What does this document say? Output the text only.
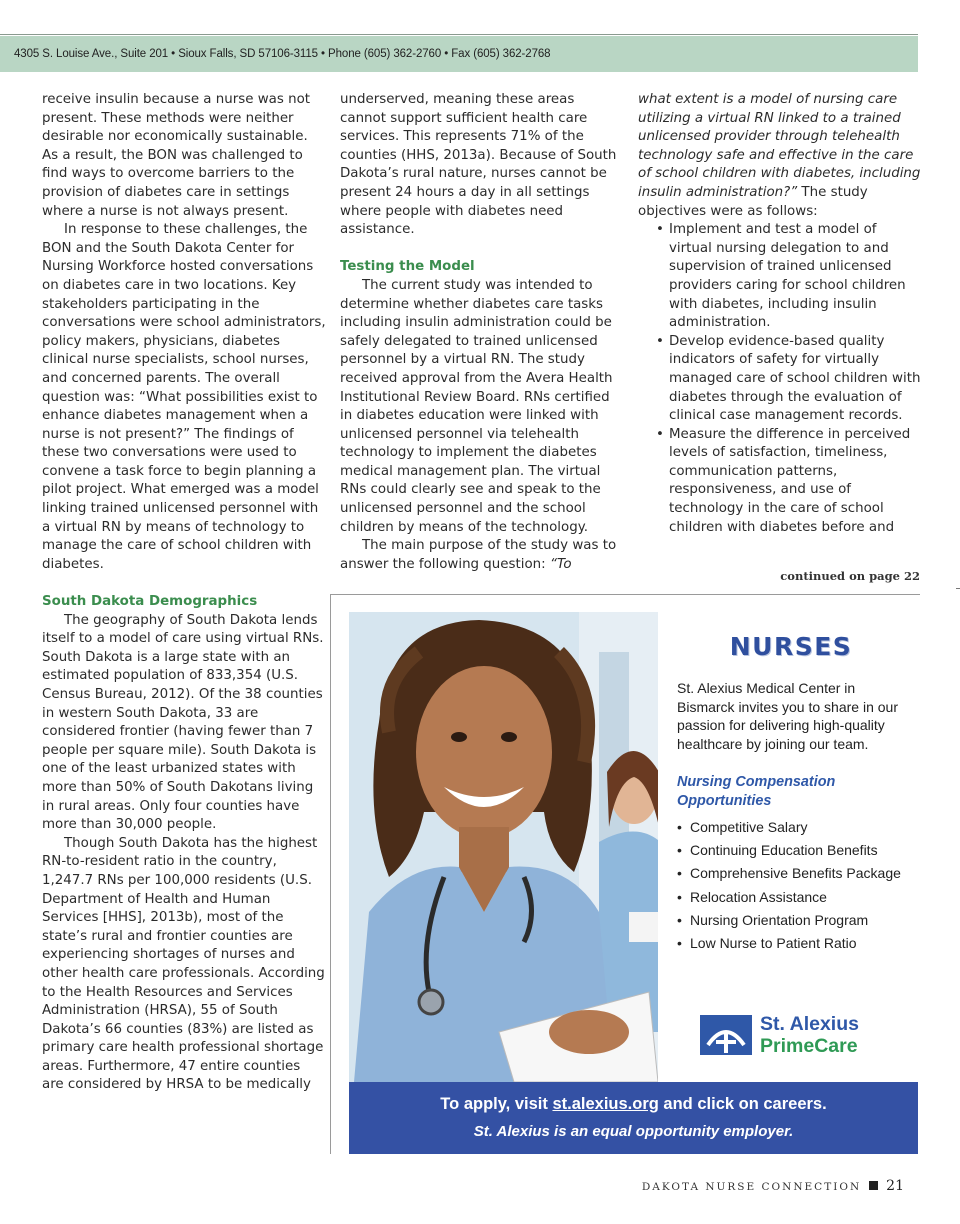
4305 S. Louise Ave., Suite 201 • Sioux Falls, SD 57106-3115 • Phone (605) 362-2760 • Fax (605) 362-2768

receive insulin because a nurse was not present. These methods were neither desirable nor economically sustainable. As a result, the BON was challenged to find ways to overcome barriers to the provision of diabetes care in settings where a nurse is not always present.

In response to these challenges, the BON and the South Dakota Center for Nursing Workforce hosted conversations on diabetes care in two locations. Key stakeholders participating in the conversations were school administrators, policy makers, physicians, diabetes clinical nurse specialists, school nurses, and concerned parents. The overall question was: “What possibilities exist to enhance diabetes management when a nurse is not present?” The findings of these two conversations were used to convene a task force to begin planning a pilot project. What emerged was a model linking trained unlicensed personnel with a virtual RN by means of technology to manage the care of school children with diabetes.

South Dakota Demographics

The geography of South Dakota lends itself to a model of care using virtual RNs. South Dakota is a large state with an estimated population of 833,354 (U.S. Census Bureau, 2012). Of the 38 counties in western South Dakota, 33 are considered frontier (having fewer than 7 people per square mile). South Dakota is one of the least urbanized states with more than 50% of South Dakotans living in rural areas. Only four counties have more than 30,000 people.

Though South Dakota has the highest RN-to-resident ratio in the country, 1,247.7 RNs per 100,000 residents (U.S. Department of Health and Human Services [HHS], 2013b), most of the state’s rural and frontier counties are experiencing shortages of nurses and other health care professionals. According to the Health Resources and Services Administration (HRSA), 55 of South Dakota’s 66 counties (83%) are listed as primary care health professional shortage areas. Furthermore, 47 entire counties are considered by HRSA to be medically

underserved, meaning these areas cannot support sufficient health care services. This represents 71% of the counties (HHS, 2013a). Because of South Dakota’s rural nature, nurses cannot be present 24 hours a day in all settings where people with diabetes need assistance.

Testing the Model

The current study was intended to determine whether diabetes care tasks including insulin administration could be safely delegated to trained unlicensed personnel by a virtual RN. The study received approval from the Avera Health Institutional Review Board. RNs certified in diabetes education were linked with unlicensed personnel via telehealth technology to implement the diabetes medical management plan. The virtual RNs could clearly see and speak to the unlicensed personnel and the school children by means of the technology.

The main purpose of the study was to answer the following question: “To

what extent is a model of nursing care utilizing a virtual RN linked to a trained unlicensed provider through telehealth technology safe and effective in the care of school children with diabetes, including insulin administration?” The study objectives were as follows:

• Implement and test a model of virtual nursing delegation to and supervision of trained unlicensed providers caring for school children with diabetes, including insulin administration.
• Develop evidence-based quality indicators of safety for virtually managed care of school children with diabetes through the evaluation of clinical case management records.
• Measure the difference in perceived levels of satisfaction, timeliness, communication patterns, responsiveness, and use of technology in the care of school children with diabetes before and
continued on page 22
NURSES
St. Alexius Medical Center in Bismarck invites you to share in our passion for delivering high-quality healthcare by joining our team.
Nursing Compensation Opportunities
• Competitive Salary
• Continuing Education Benefits
• Comprehensive Benefits Package
• Relocation Assistance
• Nursing Orientation Program
• Low Nurse to Patient Ratio
St. Alexius
PrimeCare
To apply, visit st.alexius.org and click on careers.
St. Alexius is an equal opportunity employer.
DAKOTA NURSE CONNECTION 21
